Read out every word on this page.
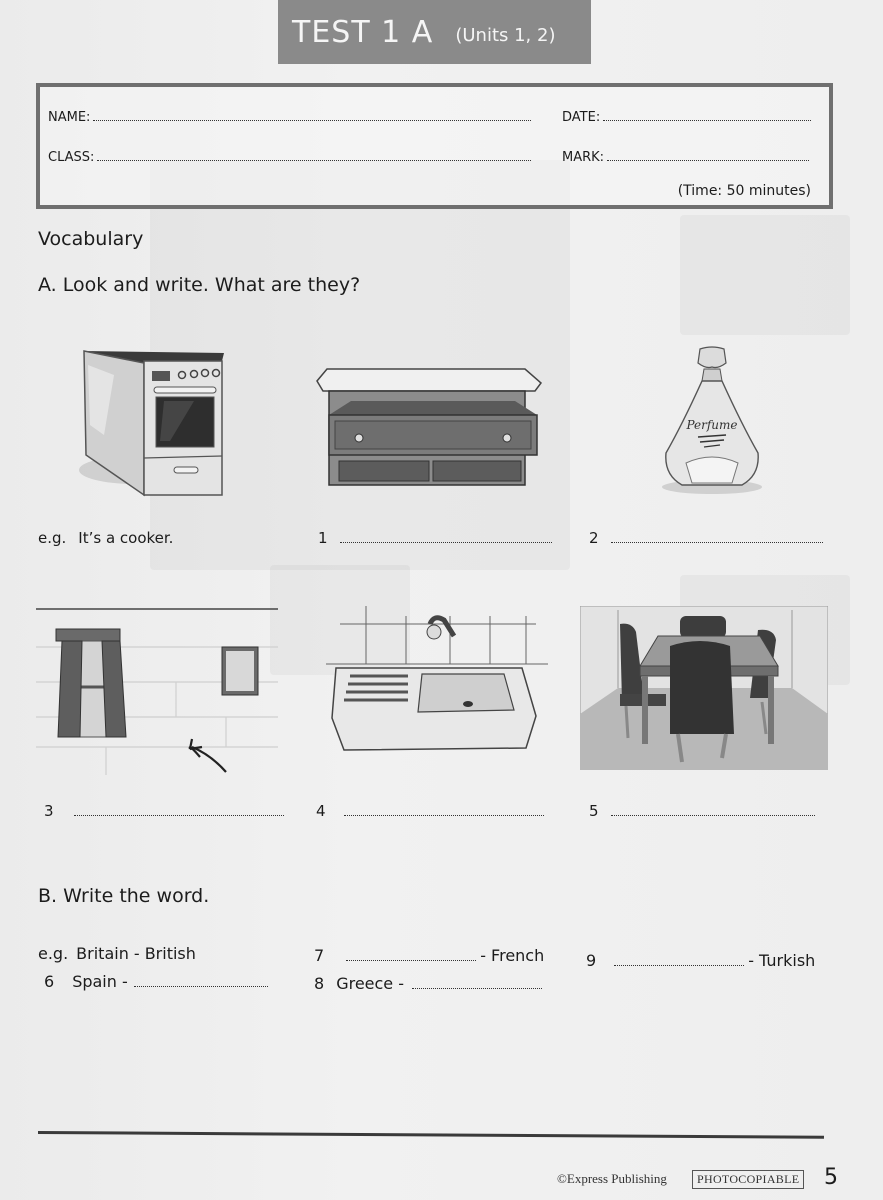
TEST 1 A (Units 1, 2)
NAME:	DATE:
CLASS:	MARK:
(Time: 50 minutes)
Vocabulary
A. Look and write. What are they?
Perfume
e.g. It’s a cooker.	1	2
3	4	5
B. Write the word.
e.g. Britain - British	7	- French	9	- Turkish
6 Spain -	8 Greece -
©Express Publishing	PHOTOCOPIABLE 5
